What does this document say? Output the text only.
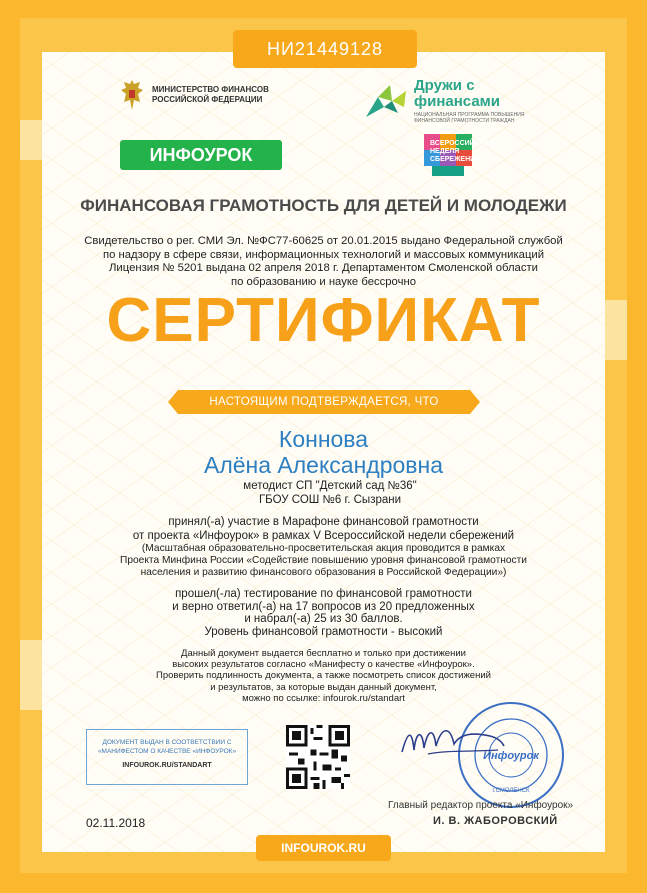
НИ21449128
МИНИСТЕРСТВО ФИНАНСОВ РОССИЙСКОЙ ФЕДЕРАЦИИ
Дружи с финансами
НАЦИОНАЛЬНАЯ ПРОГРАММА ПОВЫШЕНИЯ ФИНАНСОВОЙ ГРАМОТНОСТИ ГРАЖДАН
ИНФОУРОК
ВСЕРОССИЙСКАЯ НЕДЕЛЯ СБЕРЕЖЕНИЙ
ФИНАНСОВАЯ ГРАМОТНОСТЬ ДЛЯ ДЕТЕЙ И МОЛОДЕЖИ
Свидетельство о рег. СМИ Эл. №ФС77-60625 от 20.01.2015 выдано Федеральной службой
по надзору в сфере связи, информационных технологий и массовых коммуникаций
Лицензия № 5201 выдана 02 апреля 2018 г. Департаментом Смоленской области
по образованию и науке бессрочно
СЕРТИФИКАТ
НАСТОЯЩИМ ПОДТВЕРЖДАЕТСЯ, ЧТО
Коннова
Алёна Александровна
методист СП "Детский сад №36"
ГБОУ СОШ №6 г. Сызрани
принял(-а) участие в Марафоне финансовой грамотности
от проекта «Инфоурок» в рамках V Всероссийской недели сбережений
(Масштабная образовательно-просветительская акция проводится в рамках
Проекта Минфина России «Содействие повышению уровня финансовой грамотности
населения и развитию финансового образования в Российской Федерации»)
прошел(-ла) тестирование по финансовой грамотности
и верно ответил(-а) на 17 вопросов из 20 предложенных
и набрал(-а) 25 из 30 баллов.
Уровень финансовой грамотности - высокий
Данный документ выдается бесплатно и только при достижении
высоких результатов согласно «Манифесту о качестве «Инфоурок».
Проверить подлинность документа, а также посмотреть список достижений
и результатов, за которые выдан данный документ,
можно по ссылке: infourok.ru/standart
ДОКУМЕНТ ВЫДАН В СООТВЕТСТВИИ С
«МАНИФЕСТОМ О КАЧЕСТВЕ «ИНФОУРОК»
INFOUROK.RU/STANDART
Инфоурок
г.СМОЛЕНСК
Главный редактор проекта «Инфоурок»
И. В. ЖАБОРОВСКИЙ
02.11.2018
INFOUROK.RU
